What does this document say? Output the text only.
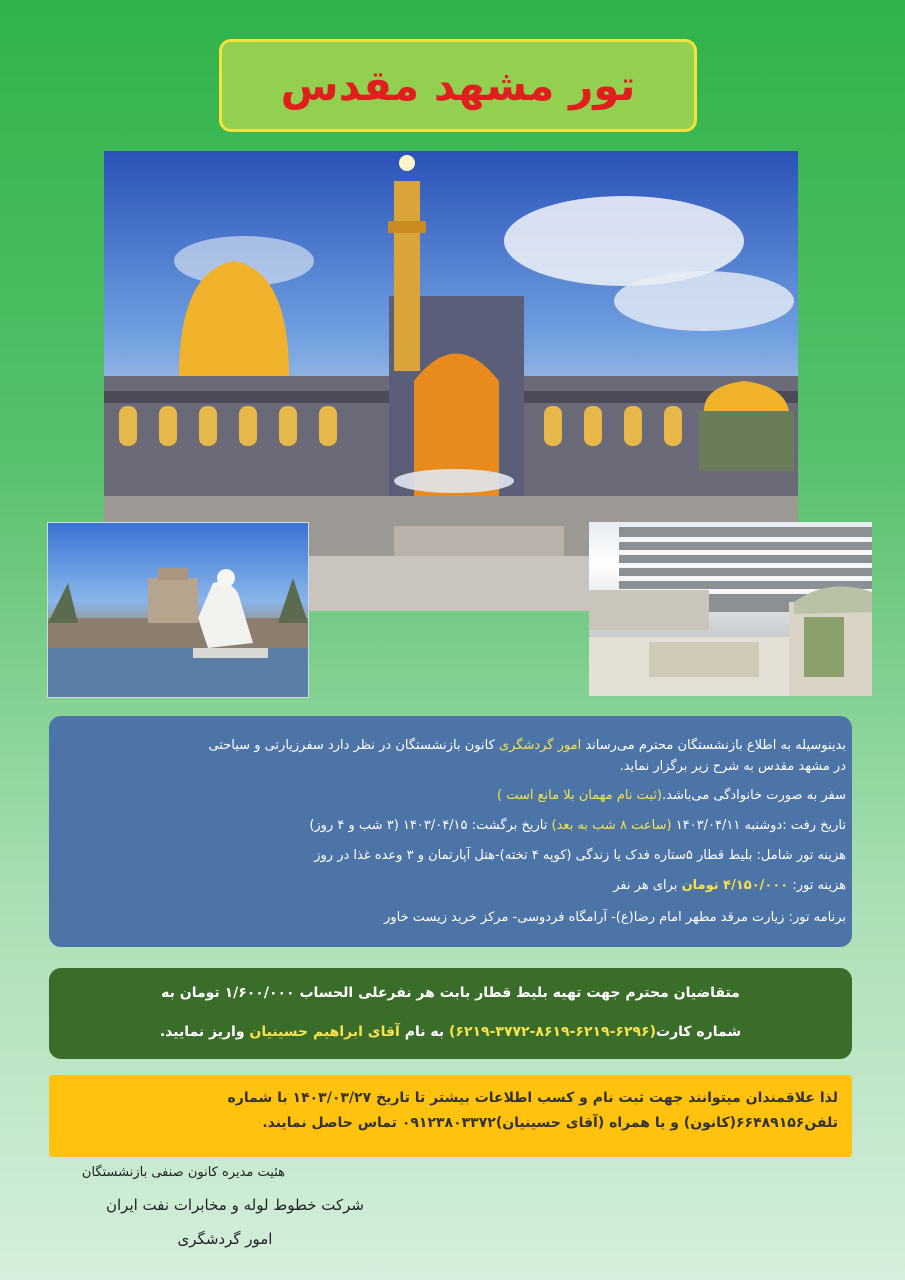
تور مشهد مقدس
بدینوسیله به اطلاع بازنشستگان محترم می‌رساند امور گردشگری کانون بازنشستگان در نظر دارد سفرزیارتی و سیاحتی
در مشهد مقدس به شرح زیر برگزار نماید.
سفر به صورت خانوادگی می‌باشد.(ثبت نام مهمان بلا مانع است )
تاریخ رفت :دوشنبه ۱۴۰۳/۰۴/۱۱ (ساعت ۸ شب به بعد) تاریخ برگشت: ۱۴۰۳/۰۴/۱۵ (۳ شب و ۴ روز)
هزینه تور شامل: بلیط قطار ۵ستاره فدک یا زندگی (کوپه ۴ تخته)-هتل آپارتمان و ۳ وعده غذا در روز
هزینه تور: ۴/۱۵۰/۰۰۰ تومان برای هر نفر
برنامه تور: زیارت مرقد مطهر امام رضا(ع)- آرامگاه فردوسی- مرکز خرید زیست خاور
متقاضیان محترم جهت تهیه بلیط قطار بابت هر نفرعلی الحساب ۱/۶۰۰/۰۰۰ تومان به
شماره کارت(۶۲۹۶-۶۲۱۹-۸۶۱۹-۳۷۷۲-۶۲۱۹) به نام آقای ابراهیم حسینیان واریز نمایید.
لذا علاقمندان میتوانند جهت ثبت نام و کسب اطلاعات بیشتر تا تاریخ ۱۴۰۳/۰۳/۲۷ با شماره
تلفن۶۶۴۸۹۱۵۶(کانون) و یا همراه (آقای حسینیان)۰۹۱۲۳۸۰۳۳۷۲ تماس حاصل نمایند.
هئیت مدیره کانون صنفی بازنشستگان
شرکت خطوط لوله و مخابرات نفت ایران
امور گردشگری
